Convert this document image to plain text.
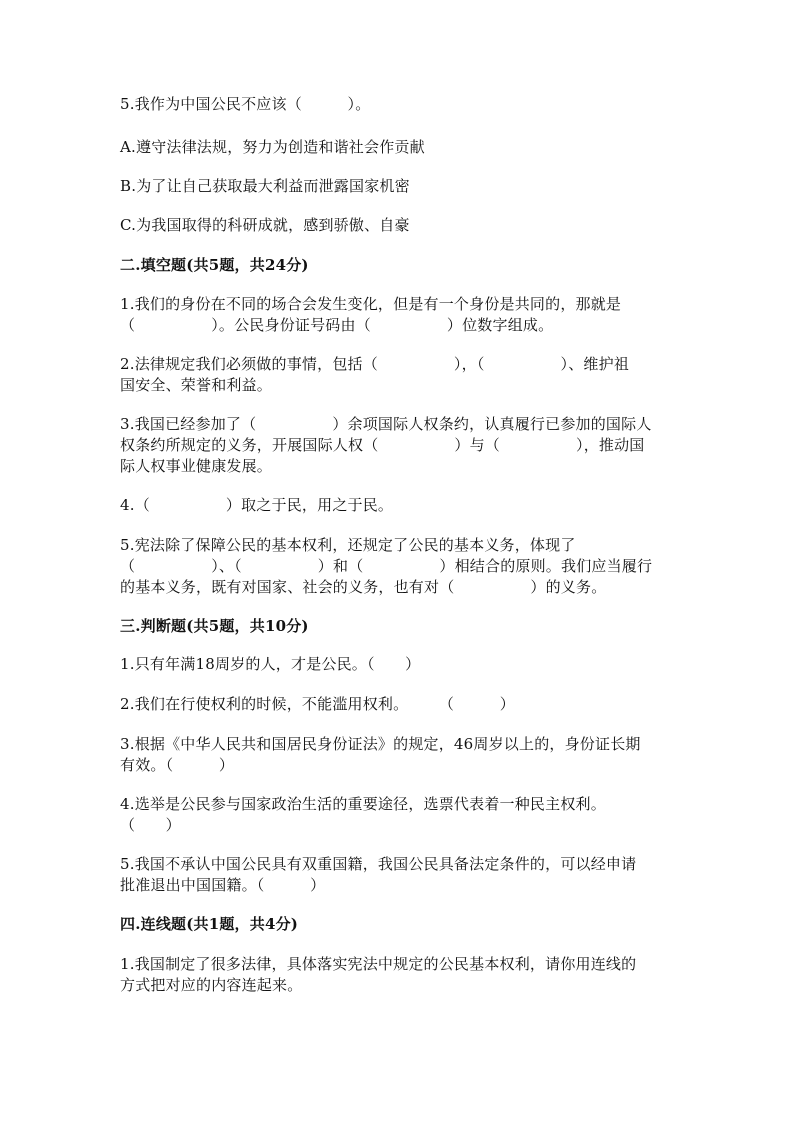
5.我作为中国公民不应该（　　　）。
A.遵守法律法规，努力为创造和谐社会作贡献
B.为了让自己获取最大利益而泄露国家机密
C.为我国取得的科研成就，感到骄傲、自豪
二.填空题(共5题，共24分)
1.我们的身份在不同的场合会发生变化，但是有一个身份是共同的，那就是
（　　　　　）。公民身份证号码由（　　　　　）位数字组成。
2.法律规定我们必须做的事情，包括（　　　　　），（　　　　　）、维护祖
国安全、荣誉和利益。
3.我国已经参加了（　　　　　）余项国际人权条约，认真履行已参加的国际人
权条约所规定的义务，开展国际人权（　　　　　）与（　　　　　），推动国
际人权事业健康发展。
4.（　　　　　）取之于民，用之于民。
5.宪法除了保障公民的基本权利，还规定了公民的基本义务，体现了
（　　　　　）、（　　　　　）和（　　　　　）相结合的原则。我们应当履行
的基本义务，既有对国家、社会的义务，也有对（　　　　　）的义务。
三.判断题(共5题，共10分)
1.只有年满18周岁的人，才是公民。（　　）
2.我们在行使权利的时候，不能滥用权利。　　　（　　　）
3.根据《中华人民共和国居民身份证法》的规定，46周岁以上的，身份证长期
有效。（　　　）
4.选举是公民参与国家政治生活的重要途径，选票代表着一种民主权利。
（　　）
5.我国不承认中国公民具有双重国籍，我国公民具备法定条件的，可以经申请
批准退出中国国籍。（　　　）
四.连线题(共1题，共4分)
1.我国制定了很多法律，具体落实宪法中规定的公民基本权利，请你用连线的
方式把对应的内容连起来。
